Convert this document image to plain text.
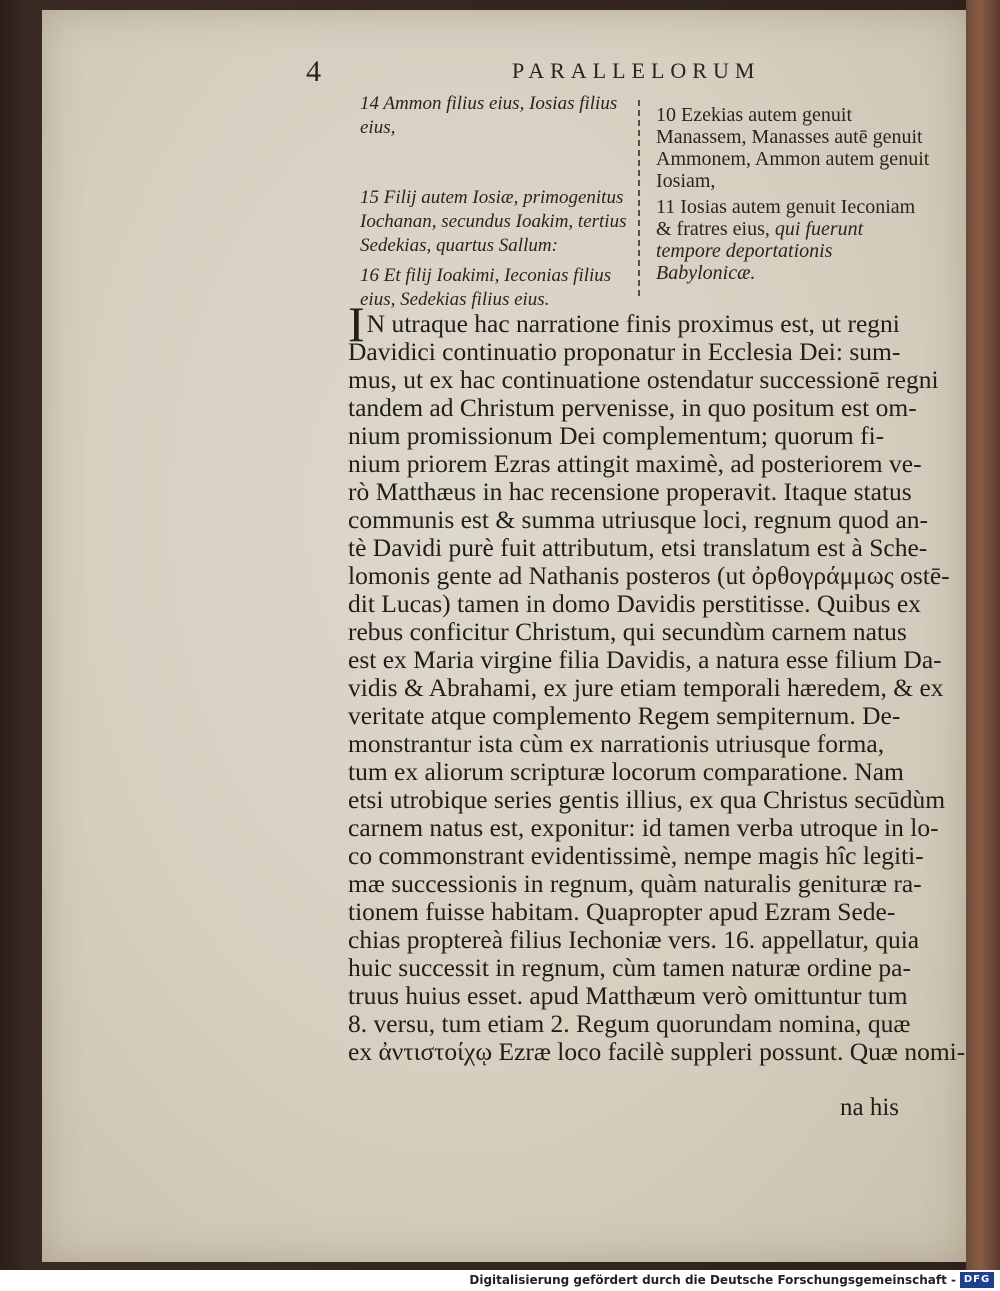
4	PARALLELORUM

14 Ammon filius eius, Iosias filius eius,

15 Filij autem Iosiæ, primogenitus Iochanan, secundus Ioakim, tertius Sedekias, quartus Sallum:

16 Et filij Ioakimi, Ieconias filius eius, Sedekias filius eius.

10 Ezekias autem genuit Manassem, Manasses autē genuit Ammonem, Ammon autem genuit Iosiam,

11 Iosias autem genuit Ieconiam & fratres eius, qui fuerunt tempore deportationis Babylonicæ.

I N utraque hac narratione finis proximus est, ut regni
Davidici continuatio proponatur in Ecclesia Dei: sum-
mus, ut ex hac continuatione ostendatur successionē regni
tandem ad Christum pervenisse, in quo positum est om-
nium promissionum Dei complementum; quorum fi-
nium priorem Ezras attingit maximè, ad posteriorem ve-
rò Matthæus in hac recensione properavit. Itaque status
communis est & summa utriusque loci, regnum quod an-
tè Davidi purè fuit attributum, etsi translatum est à Sche-
lomonis gente ad Nathanis posteros (ut ὀρθογράμμως ostē-
dit Lucas) tamen in domo Davidis perstitisse. Quibus ex
rebus conficitur Christum, qui secundùm carnem natus
est ex Maria virgine filia Davidis, a natura esse filium Da-
vidis & Abrahami, ex jure etiam temporali hæredem, & ex
veritate atque complemento Regem sempiternum. De-
monstrantur ista cùm ex narrationis utriusque forma,
tum ex aliorum scripturæ locorum comparatione. Nam
etsi utrobique series gentis illius, ex qua Christus secūdùm
carnem natus est, exponitur: id tamen verba utroque in lo-
co commonstrant evidentissimè, nempe magis hîc legiti-
mæ successionis in regnum, quàm naturalis genituræ ra-
tionem fuisse habitam. Quapropter apud Ezram Sede-
chias proptereà filius Iechoniæ vers. 16. appellatur, quia
huic successit in regnum, cùm tamen naturæ ordine pa-
truus huius esset. apud Matthæum verò omittuntur tum
8. versu, tum etiam 2. Regum quorundam nomina, quæ
ex ἀντιστοίχῳ Ezræ loco facilè suppleri possunt. Quæ nomi-
na his
Digitalisierung gefördert durch die Deutsche Forschungsgemeinschaft - DFG
